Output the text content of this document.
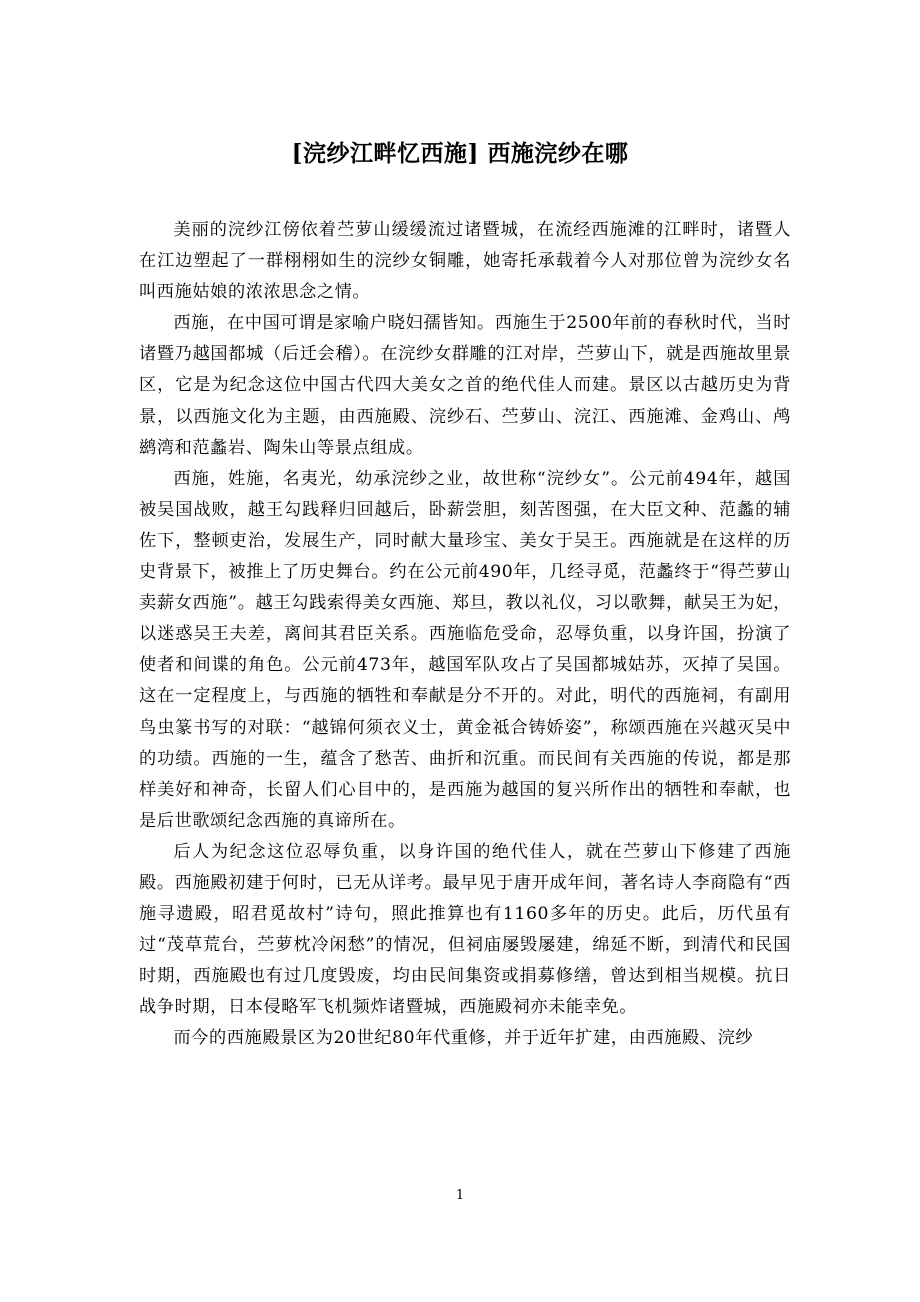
[浣纱江畔忆西施] 西施浣纱在哪

美丽的浣纱江傍依着苎萝山缓缓流过诸暨城，在流经西施滩的江畔时，诸暨人在江边塑起了一群栩栩如生的浣纱女铜雕，她寄托承载着今人对那位曾为浣纱女名叫西施姑娘的浓浓思念之情。

西施，在中国可谓是家喻户晓妇孺皆知。西施生于2500年前的春秋时代，当时诸暨乃越国都城（后迁会稽）。在浣纱女群雕的江对岸，苎萝山下，就是西施故里景区，它是为纪念这位中国古代四大美女之首的绝代佳人而建。景区以古越历史为背景，以西施文化为主题，由西施殿、浣纱石、苎萝山、浣江、西施滩、金鸡山、鸬鹚湾和范蠡岩、陶朱山等景点组成。

西施，姓施，名夷光，幼承浣纱之业，故世称“浣纱女”。公元前494年，越国被吴国战败，越王勾践释归回越后，卧薪尝胆，刻苦图强，在大臣文种、范蠡的辅佐下，整顿吏治，发展生产，同时献大量珍宝、美女于吴王。西施就是在这样的历史背景下，被推上了历史舞台。约在公元前490年，几经寻觅，范蠡终于“得苎萝山卖薪女西施”。越王勾践索得美女西施、郑旦，教以礼仪，习以歌舞，献吴王为妃，以迷惑吴王夫差，离间其君臣关系。西施临危受命，忍辱负重，以身许国，扮演了使者和间谍的角色。公元前473年，越国军队攻占了吴国都城姑苏，灭掉了吴国。这在一定程度上，与西施的牺牲和奉献是分不开的。对此，明代的西施祠，有副用鸟虫篆书写的对联：“越锦何须衣义士，黄金祗合铸娇姿”，称颂西施在兴越灭吴中的功绩。西施的一生，蕴含了愁苦、曲折和沉重。而民间有关西施的传说，都是那样美好和神奇，长留人们心目中的，是西施为越国的复兴所作出的牺牲和奉献，也是后世歌颂纪念西施的真谛所在。

后人为纪念这位忍辱负重，以身许国的绝代佳人，就在苎萝山下修建了西施殿。西施殿初建于何时，已无从详考。最早见于唐开成年间，著名诗人李商隐有“西施寻遗殿，昭君觅故村”诗句，照此推算也有1160多年的历史。此后，历代虽有过“茂草荒台，苎萝枕冷闲愁”的情况，但祠庙屡毁屡建，绵延不断，到清代和民国时期，西施殿也有过几度毁废，均由民间集资或捐募修缮，曾达到相当规模。抗日战争时期，日本侵略军飞机频炸诸暨城，西施殿祠亦未能幸免。

而今的西施殿景区为20世纪80年代重修，并于近年扩建，由西施殿、浣纱

1
